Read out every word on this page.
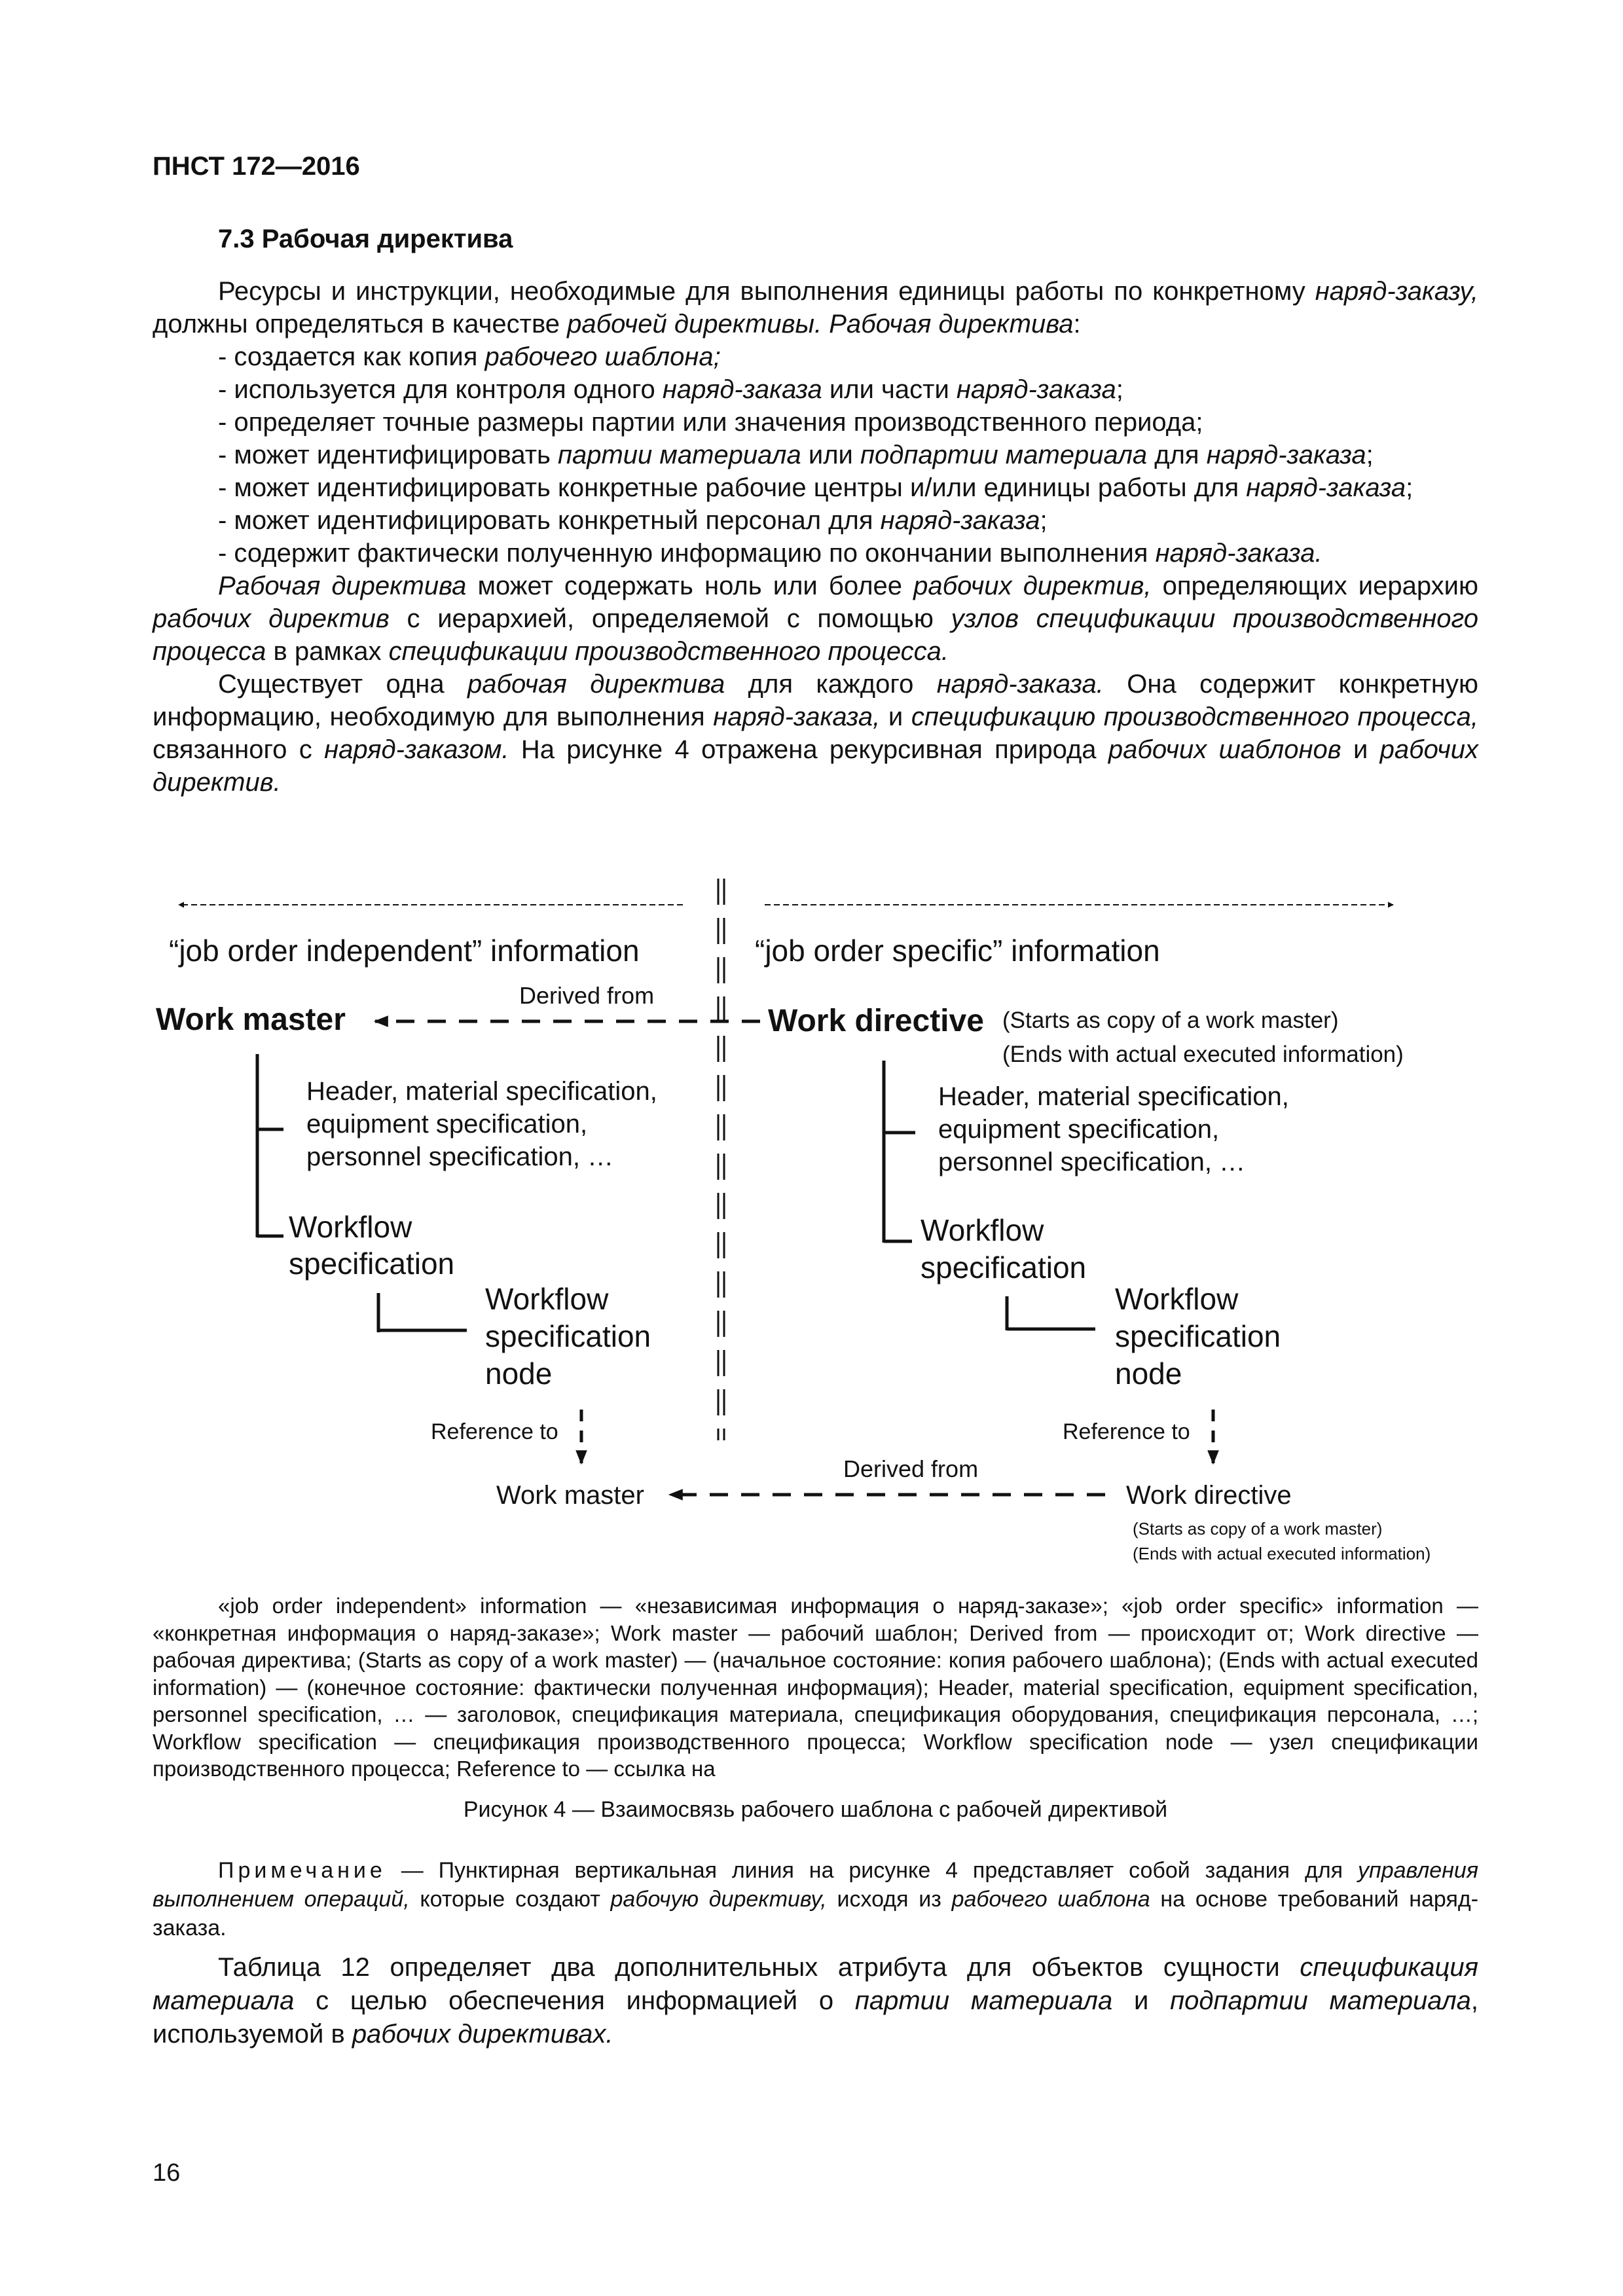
ПНСТ 172—2016
7.3 Рабочая директива

Ресурсы и инструкции, необходимые для выполнения единицы работы по конкретному наряд-заказу, должны определяться в качестве рабочей директивы. Рабочая директива:

- создается как копия рабочего шаблона;
- используется для контроля одного наряд-заказа или части наряд-заказа;
- определяет точные размеры партии или значения производственного периода;
- может идентифицировать партии материала или подпартии материала для наряд-заказа;
- может идентифицировать конкретные рабочие центры и/или единицы работы для наряд-заказа;
- может идентифицировать конкретный персонал для наряд-заказа;
- содержит фактически полученную информацию по окончании выполнения наряд-заказа.

Рабочая директива может содержать ноль или более рабочих директив, определяющих иерархию рабочих директив с иерархией, определяемой с помощью узлов спецификации производственного процесса в рамках спецификации производственного процесса.

Существует одна рабочая директива для каждого наряд-заказа. Она содержит конкретную информацию, необходимую для выполнения наряд-заказа, и спецификацию производственного процесса, связанного с наряд-заказом. На рисунке 4 отражена рекурсивная природа рабочих шаблонов и рабочих директив.

“job order independent” information	“job order specific” information
Derived from
Work master	Work directive (Starts as copy of a work master)
(Ends with actual executed information)
Header, material specification,
equipment specification,
personnel specification, …
Workflow
specification
Workflow
specification
node
Reference to
Header, material specification,
equipment specification,
personnel specification, …
Workflow
specification
Workflow
specification
node
Reference to
Derived from
Work master	Work directive
(Starts as copy of a work master)
(Ends with actual executed information)

«job order independent» information — «независимая информация о наряд-заказе»; «job order specific» information — «конкретная информация о наряд-заказе»; Work master — рабочий шаблон; Derived from — происходит от; Work directive — рабочая директива; (Starts as copy of a work master) — (начальное состояние: копия рабочего шаблона); (Ends with actual executed information) — (конечное состояние: фактически полученная информация); Header, material specification, equipment specification, personnel specification, … — заголовок, спецификация материала, спецификация оборудования, спецификация персонала, …; Workflow specification — спецификация производственного процесса; Workflow specification node — узел спецификации производственного процесса; Reference to — ссылка на

Рисунок 4 — Взаимосвязь рабочего шаблона с рабочей директивой

Примечание — Пунктирная вертикальная линия на рисунке 4 представляет собой задания для управления выполнением операций, которые создают рабочую директиву, исходя из рабочего шаблона на основе требований наряд-заказа.

Таблица 12 определяет два дополнительных атрибута для объектов сущности спецификация материала с целью обеспечения информацией о партии материала и подпартии материала, используемой в рабочих директивах.

16
